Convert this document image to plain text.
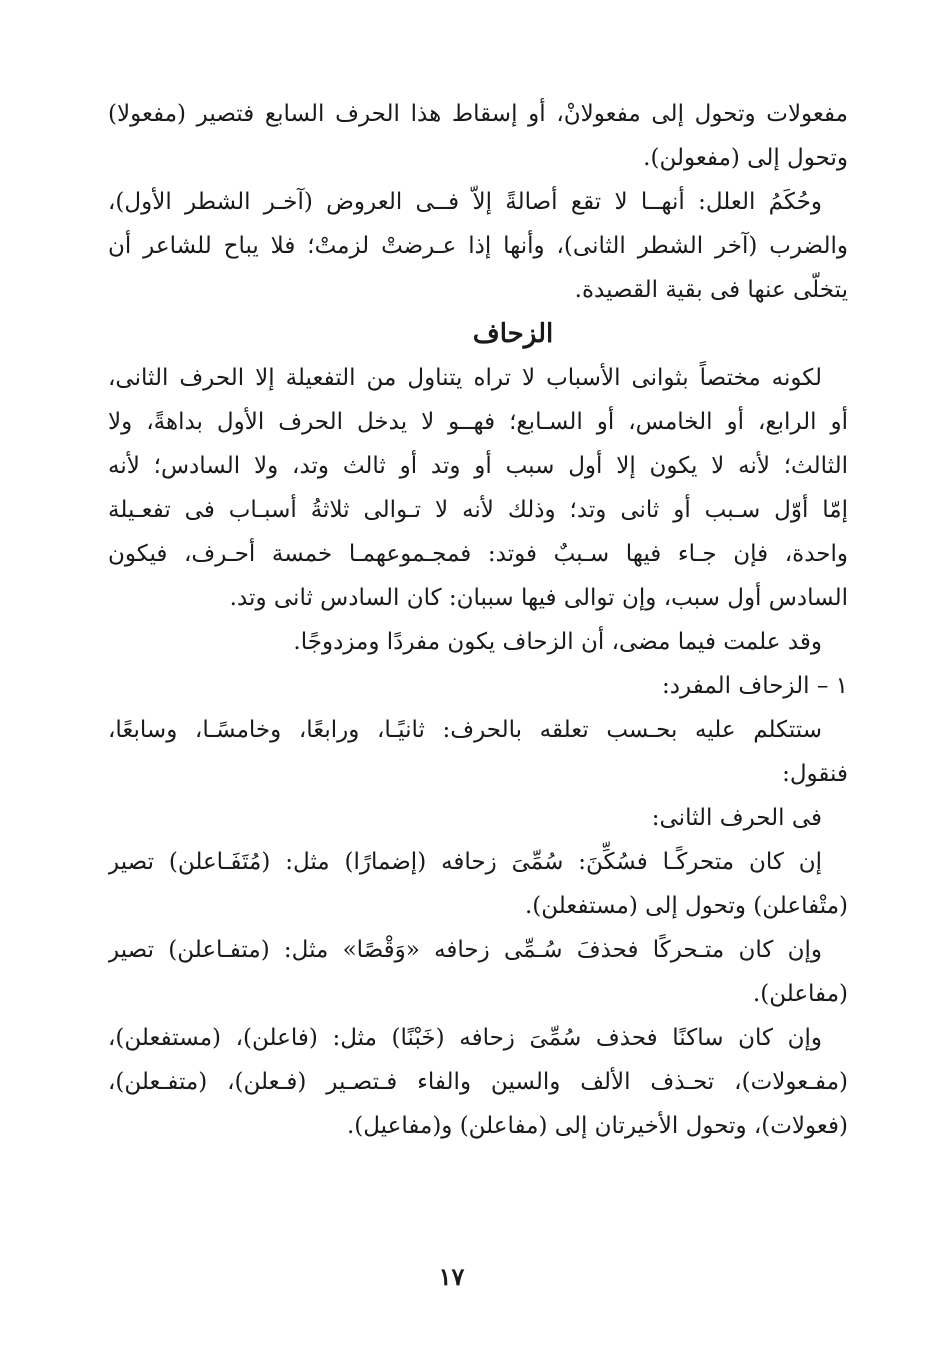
مفعولات وتحول إلى مفعولانْ، أو إسقاط هذا الحرف السابع فتصير (مفعولا)
وتحول إلى (مفعولن).
وحُكَمُ العلل: أنهــا لا تقع أصالةً إلاّ فــى العروض (آخـر الشطر الأول)،
والضرب (آخر الشطر الثانى)، وأنها إذا عـرضتْ لزمتْ؛ فلا يباح للشاعر أن
يتخلّى عنها فى بقية القصيدة.
الزحاف
لكونه مختصاً بثوانى الأسباب لا تراه يتناول من التفعيلة إلا الحرف الثانى،
أو الرابع، أو الخامس، أو السـابع؛ فهــو لا يدخل الحرف الأول بداهةً، ولا
الثالث؛ لأنه لا يكون إلا أول سبب أو وتد أو ثالث وتد، ولا السادس؛ لأنه
إمّا أوّل سـبب أو ثانى وتد؛ وذلك لأنه لا تـوالى ثلاثةُ أسبـاب فى تفعـيلة
واحدة، فإن جـاء فيها سـببٌ فوتد: فمجـموعهمـا خمسة أحـرف، فيكون
السادس أول سبب، وإن توالى فيها سببان: كان السادس ثانى وتد.
وقد علمت فيما مضى، أن الزحاف يكون مفردًا ومزدوجًا.
١ – الزحاف المفرد:
ستتكلم عليه بحـسب تعلقه بالحرف: ثانيًـا، ورابعًا، وخامسًـا، وسابعًا،
فنقول:
فى الحرف الثانى:
إن كان متحركًـا فسُكِّنَ: سُمِّىَ زحافه (إضمارًا) مثل: (مُتَفَـاعلن) تصير
(متْفاعلن) وتحول إلى (مستفعلن).
وإن كان متـحركًا فحذفَ سُـمِّى زحافه «وَقْصًا» مثل: (متفـاعلن) تصير
(مفاعلن).
وإن كان ساكنًا فحذف سُمِّىَ زحافه (خَبْنًا) مثل: (فاعلن)، (مستفعلن)،
(مفـعولات)، تحـذف الألف والسين والفاء فـتصـير (فـعلن)، (متفـعلن)،
(فعولات)، وتحول الأخيرتان إلى (مفاعلن) و(مفاعيل).
١٧
